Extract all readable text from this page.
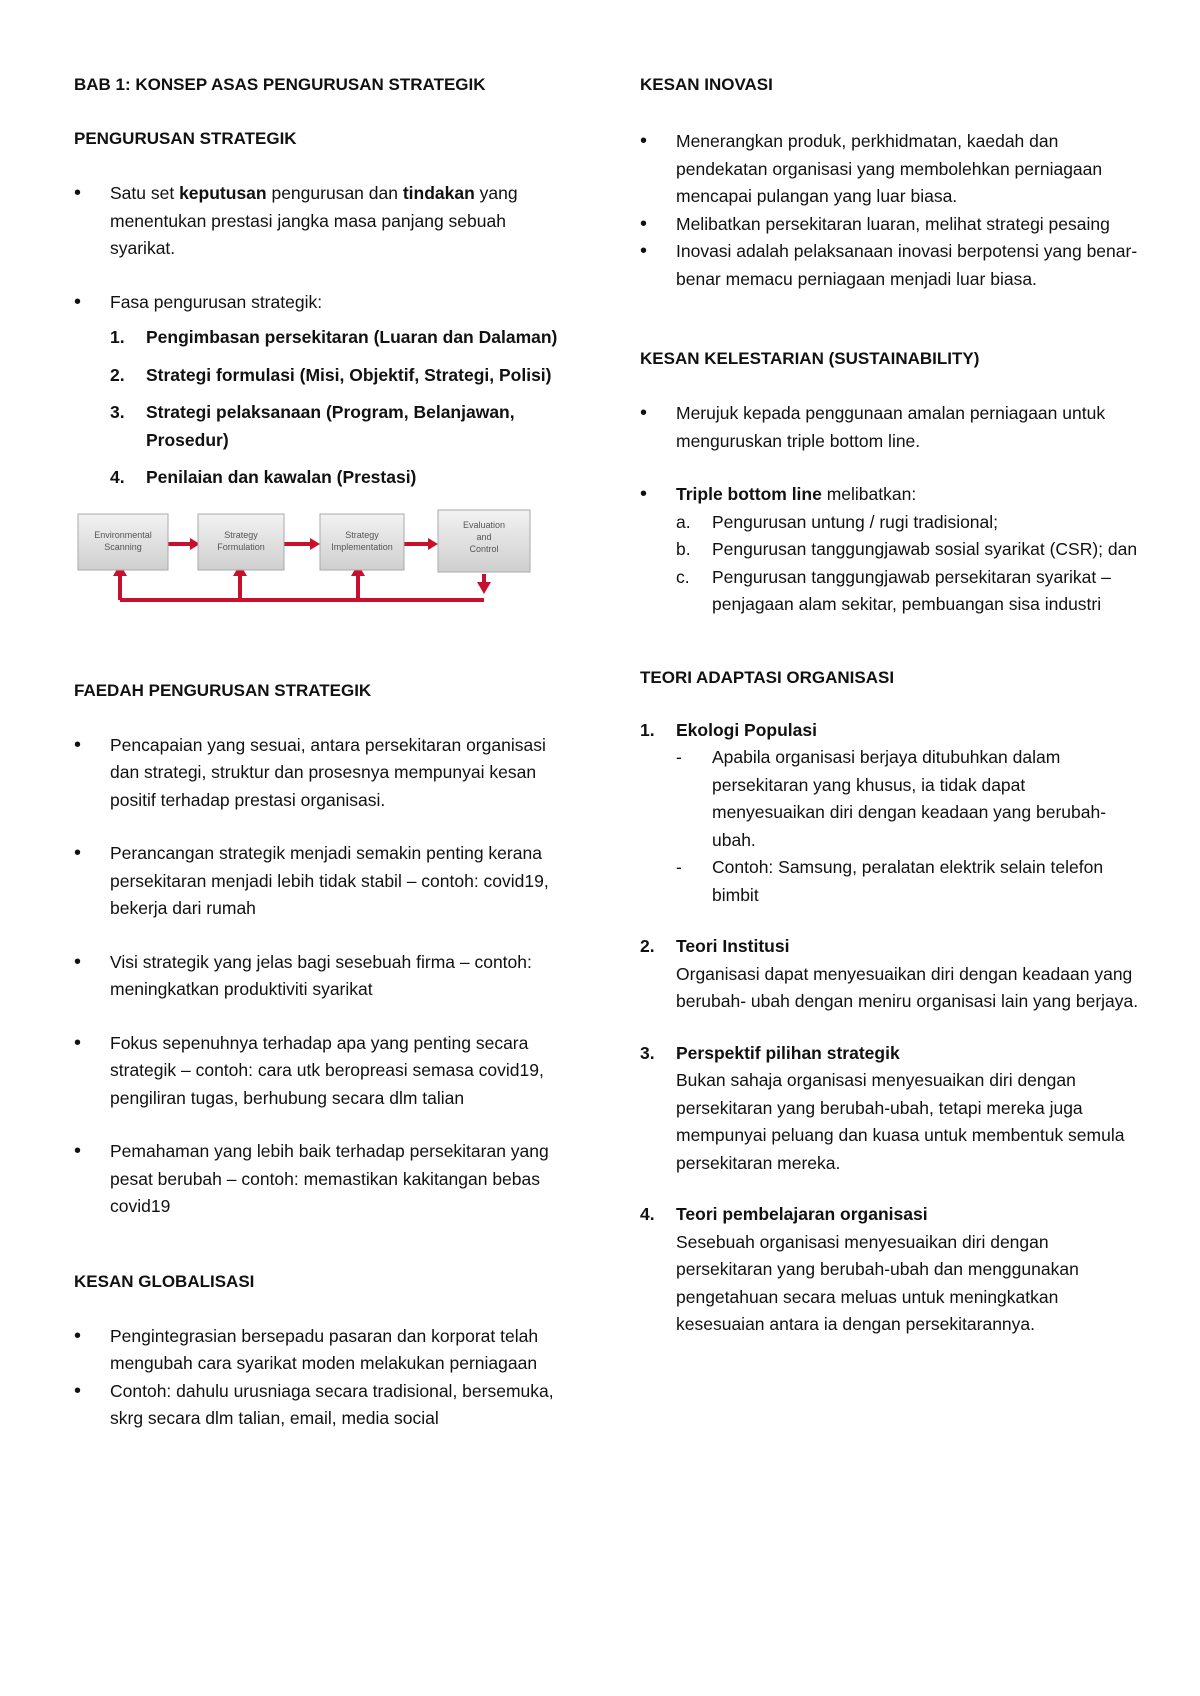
BAB 1: KONSEP ASAS PENGURUSAN STRATEGIK

PENGURUSAN STRATEGIK

• Satu set keputusan pengurusan dan tindakan yang menentukan prestasi jangka masa panjang sebuah syarikat.
• Fasa pengurusan strategik:
1.	Pengimbasan persekitaran (Luaran dan Dalaman)
2.	Strategi formulasi (Misi, Objektif, Strategi, Polisi)
3.	Strategi pelaksanaan (Program, Belanjawan, Prosedur)
4.	Penilaian dan kawalan (Prestasi)
Environmental
Scanning
Strategy
Formulation
Strategy
Implementation
Evaluation
and
Control

FAEDAH PENGURUSAN STRATEGIK

• Pencapaian yang sesuai, antara persekitaran organisasi dan strategi, struktur dan prosesnya mempunyai kesan positif terhadap prestasi organisasi.
• Perancangan strategik menjadi semakin penting kerana persekitaran menjadi lebih tidak stabil – contoh: covid19, bekerja dari rumah
• Visi strategik yang jelas bagi sesebuah firma – contoh: meningkatkan produktiviti syarikat
• Fokus sepenuhnya terhadap apa yang penting secara strategik – contoh: cara utk beropreasi semasa covid19, pengiliran tugas, berhubung secara dlm talian
• Pemahaman yang lebih baik terhadap persekitaran yang pesat berubah – contoh: memastikan kakitangan bebas covid19

KESAN GLOBALISASI

• Pengintegrasian bersepadu pasaran dan korporat telah mengubah cara syarikat moden melakukan perniagaan
• Contoh: dahulu urusniaga secara tradisional, bersemuka, skrg secara dlm talian, email, media social

KESAN INOVASI

• Menerangkan produk, perkhidmatan, kaedah dan pendekatan organisasi yang membolehkan perniagaan mencapai pulangan yang luar biasa.
• Melibatkan persekitaran luaran, melihat strategi pesaing
• Inovasi adalah pelaksanaan inovasi berpotensi yang benar-benar memacu perniagaan menjadi luar biasa.

KESAN KELESTARIAN (SUSTAINABILITY)

• Merujuk kepada penggunaan amalan perniagaan untuk menguruskan triple bottom line.
• Triple bottom line melibatkan:
a.	Pengurusan untung / rugi tradisional;
b.	Pengurusan tanggungjawab sosial syarikat (CSR); dan
c.	Pengurusan tanggungjawab persekitaran syarikat – penjagaan alam sekitar, pembuangan sisa industri

TEORI ADAPTASI ORGANISASI

1.	Ekologi Populasi
-	Apabila organisasi berjaya ditubuhkan dalam persekitaran yang khusus, ia tidak dapat menyesuaikan diri dengan keadaan yang berubah-ubah.
-	Contoh: Samsung, peralatan elektrik selain telefon bimbit
2.	Teori Institusi

Organisasi dapat menyesuaikan diri dengan keadaan yang berubah- ubah dengan meniru organisasi lain yang berjaya.

3.	Perspektif pilihan strategik

Bukan sahaja organisasi menyesuaikan diri dengan persekitaran yang berubah-ubah, tetapi mereka juga mempunyai peluang dan kuasa untuk membentuk semula persekitaran mereka.

4.	Teori pembelajaran organisasi

Sesebuah organisasi menyesuaikan diri dengan persekitaran yang berubah-ubah dan menggunakan pengetahuan secara meluas untuk meningkatkan kesesuaian antara ia dengan persekitarannya.
